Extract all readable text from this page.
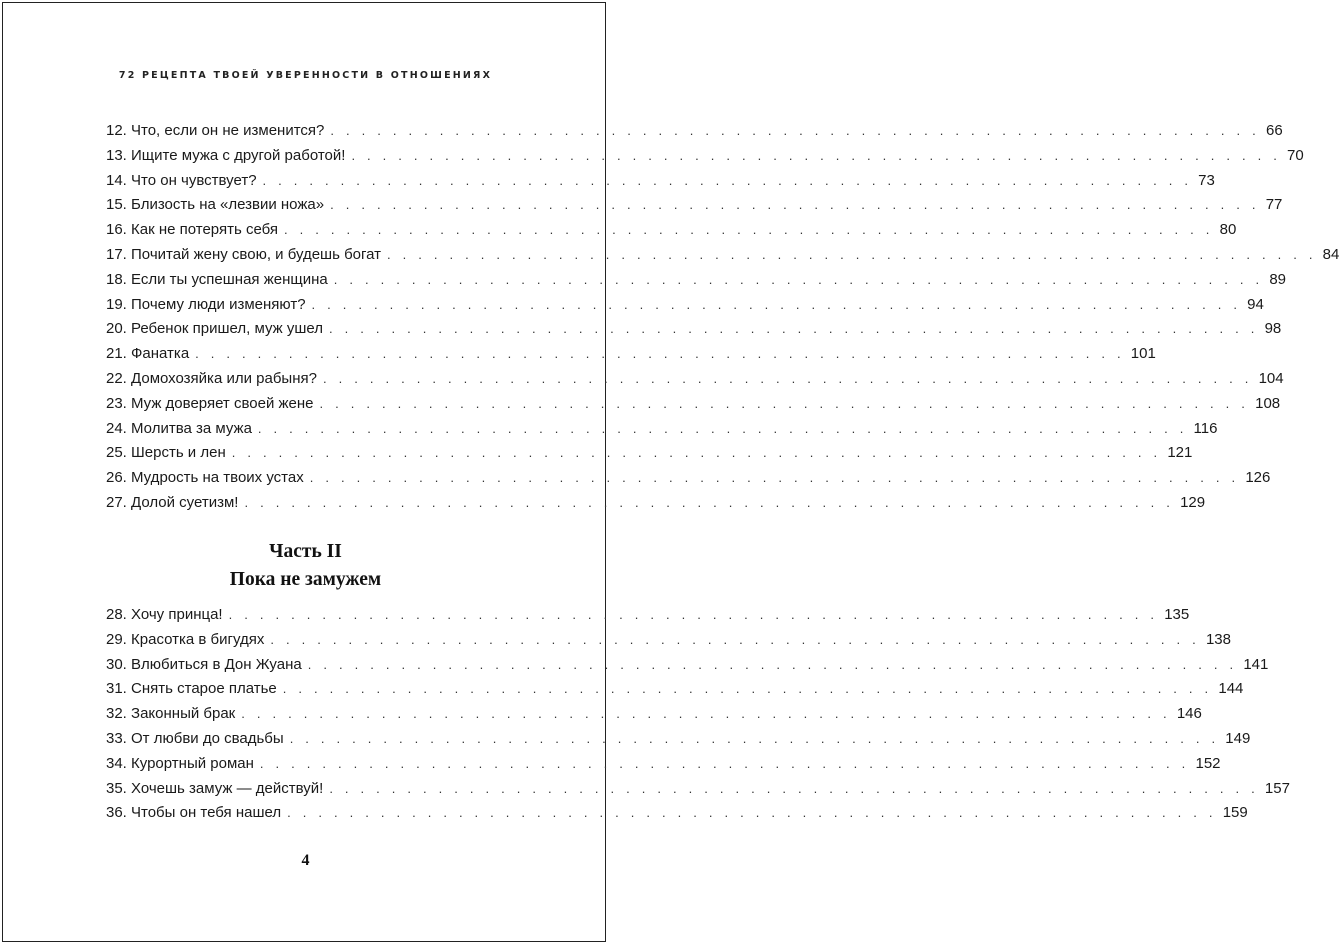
72 РЕЦЕПТА ТВОЕЙ УВЕРЕННОСТИ В ОТНОШЕНИЯХ
12. Что, если он не изменится? . . . . . . . . . . . . . . . . . . . . . . . . . . . . . . . . . . . . . . . . . . . . . . . . . . . . . . . . . . . . 66
13. Ищите мужа с другой работой! . . . . . . . . . . . . . . . . . . . . . . . . . . . . . . . . . . . . . . . . . . . . . . . . . . . . . . . . . . . . 70
14. Что он чувствует? . . . . . . . . . . . . . . . . . . . . . . . . . . . . . . . . . . . . . . . . . . . . . . . . . . . . . . . . . . . . 73
15. Близость на «лезвии ножа» . . . . . . . . . . . . . . . . . . . . . . . . . . . . . . . . . . . . . . . . . . . . . . . . . . . . . . . . . . . . 77
16. Как не потерять себя . . . . . . . . . . . . . . . . . . . . . . . . . . . . . . . . . . . . . . . . . . . . . . . . . . . . . . . . . . . . 80
17. Почитай жену свою, и будешь богат . . . . . . . . . . . . . . . . . . . . . . . . . . . . . . . . . . . . . . . . . . . . . . . . . . . . . . . . . . . . 84
18. Если ты успешная женщина . . . . . . . . . . . . . . . . . . . . . . . . . . . . . . . . . . . . . . . . . . . . . . . . . . . . . . . . . . . . 89
19. Почему люди изменяют? . . . . . . . . . . . . . . . . . . . . . . . . . . . . . . . . . . . . . . . . . . . . . . . . . . . . . . . . . . . . 94
20. Ребенок пришел, муж ушел . . . . . . . . . . . . . . . . . . . . . . . . . . . . . . . . . . . . . . . . . . . . . . . . . . . . . . . . . . . . 98
21. Фанатка . . . . . . . . . . . . . . . . . . . . . . . . . . . . . . . . . . . . . . . . . . . . . . . . . . . . . . . . . . . . 101
22. Домохозяйка или рабыня? . . . . . . . . . . . . . . . . . . . . . . . . . . . . . . . . . . . . . . . . . . . . . . . . . . . . . . . . . . . . 104
23. Муж доверяет своей жене . . . . . . . . . . . . . . . . . . . . . . . . . . . . . . . . . . . . . . . . . . . . . . . . . . . . . . . . . . . . 108
24. Молитва за мужа . . . . . . . . . . . . . . . . . . . . . . . . . . . . . . . . . . . . . . . . . . . . . . . . . . . . . . . . . . . . 116
25. Шерсть и лен . . . . . . . . . . . . . . . . . . . . . . . . . . . . . . . . . . . . . . . . . . . . . . . . . . . . . . . . . . . . 121
26. Мудрость на твоих устах . . . . . . . . . . . . . . . . . . . . . . . . . . . . . . . . . . . . . . . . . . . . . . . . . . . . . . . . . . . . 126
27. Долой суетизм! . . . . . . . . . . . . . . . . . . . . . . . . . . . . . . . . . . . . . . . . . . . . . . . . . . . . . . . . . . . . 129
Часть II
Пока не замужем
28. Хочу принца! . . . . . . . . . . . . . . . . . . . . . . . . . . . . . . . . . . . . . . . . . . . . . . . . . . . . . . . . . . . . 135
29. Красотка в бигудях . . . . . . . . . . . . . . . . . . . . . . . . . . . . . . . . . . . . . . . . . . . . . . . . . . . . . . . . . . . . 138
30. Влюбиться в Дон Жуана . . . . . . . . . . . . . . . . . . . . . . . . . . . . . . . . . . . . . . . . . . . . . . . . . . . . . . . . . . . . 141
31. Снять старое платье . . . . . . . . . . . . . . . . . . . . . . . . . . . . . . . . . . . . . . . . . . . . . . . . . . . . . . . . . . . . 144
32. Законный брак . . . . . . . . . . . . . . . . . . . . . . . . . . . . . . . . . . . . . . . . . . . . . . . . . . . . . . . . . . . . 146
33. От любви до свадьбы . . . . . . . . . . . . . . . . . . . . . . . . . . . . . . . . . . . . . . . . . . . . . . . . . . . . . . . . . . . . 149
34. Курортный роман . . . . . . . . . . . . . . . . . . . . . . . . . . . . . . . . . . . . . . . . . . . . . . . . . . . . . . . . . . . . 152
35. Хочешь замуж — действуй! . . . . . . . . . . . . . . . . . . . . . . . . . . . . . . . . . . . . . . . . . . . . . . . . . . . . . . . . . . . . 157
36. Чтобы он тебя нашел . . . . . . . . . . . . . . . . . . . . . . . . . . . . . . . . . . . . . . . . . . . . . . . . . . . . . . . . . . . . 159
4
